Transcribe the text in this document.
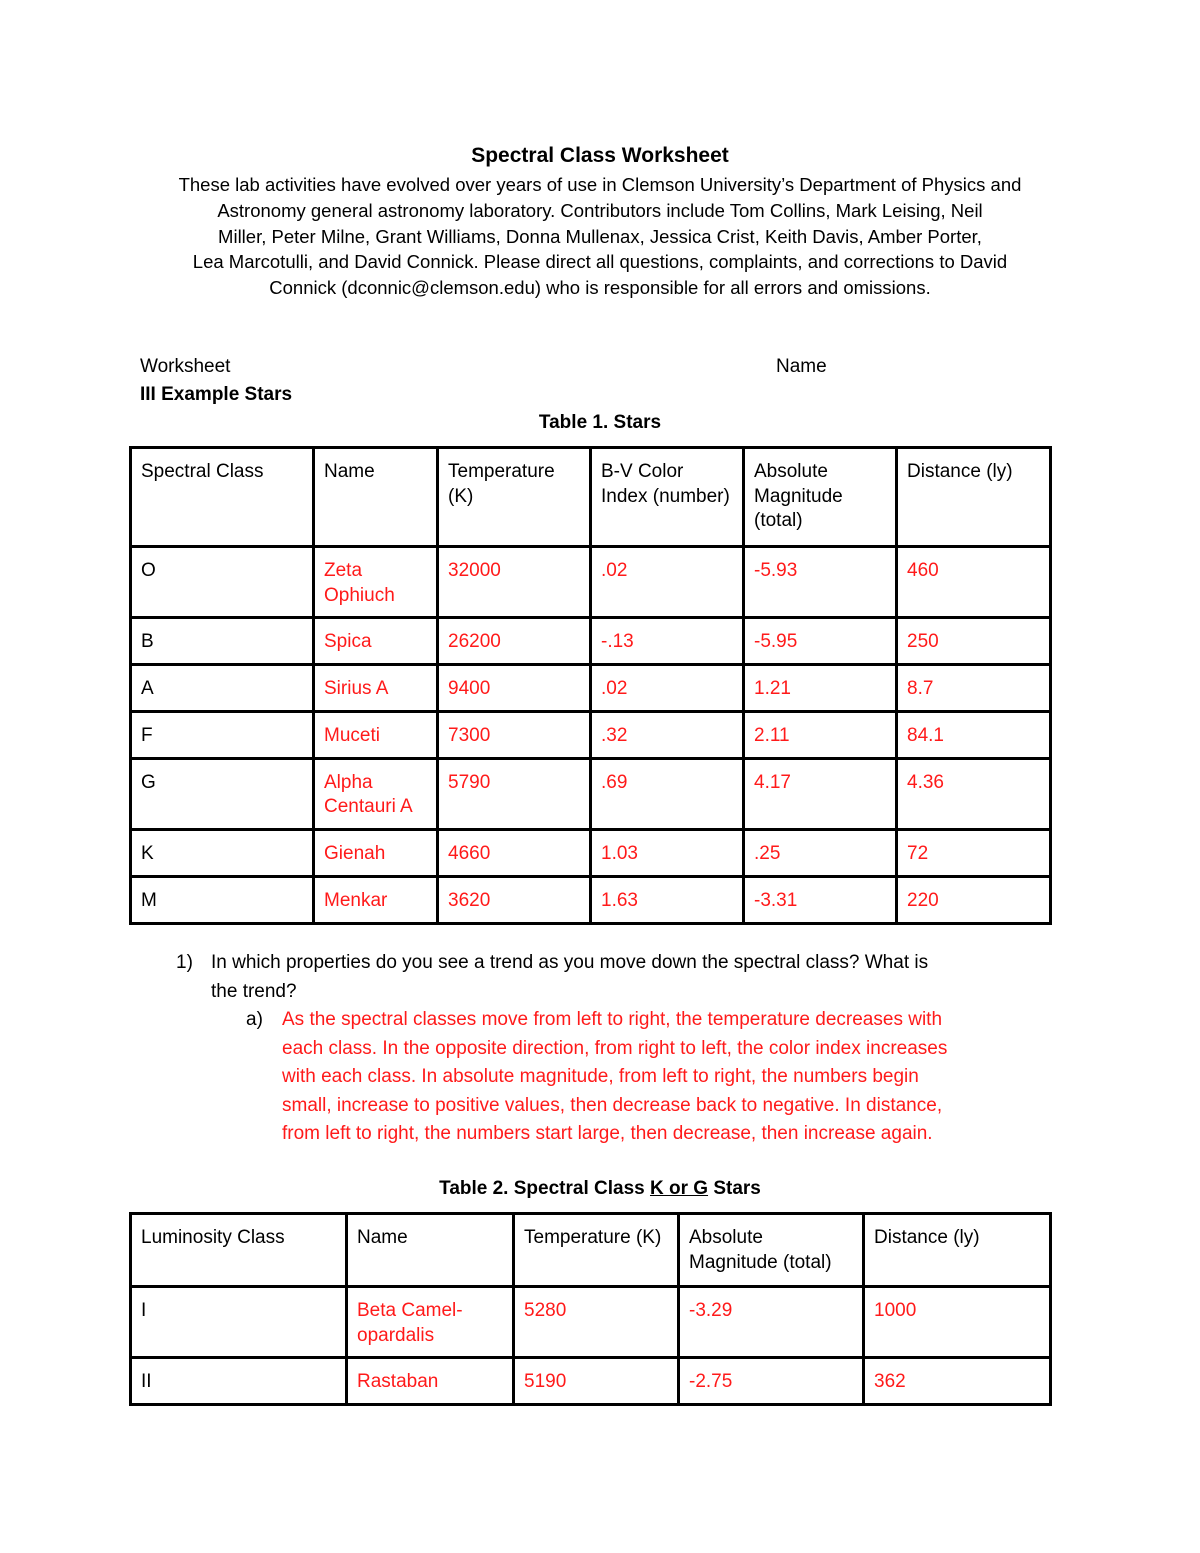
Spectral Class Worksheet
These lab activities have evolved over years of use in Clemson University’s Department of Physics and
Astronomy general astronomy laboratory. Contributors include Tom Collins, Mark Leising, Neil
Miller, Peter Milne, Grant Williams, Donna Mullenax, Jessica Crist, Keith Davis, Amber Porter,
Lea Marcotulli, and David Connick. Please direct all questions, complaints, and corrections to David
Connick (dconnic@clemson.edu) who is responsible for all errors and omissions.
Worksheet	Name
III Example Stars
Table 1. Stars
Spectral Class	Name	Temperature (K)	B-V Color Index (number)	Absolute Magnitude (total)	Distance (ly)
O	Zeta Ophiuch	32000	.02	-5.93	460
B	Spica	26200	-.13	-5.95	250
A	Sirius A	9400	.02	1.21	8.7
F	Muceti	7300	.32	2.11	84.1
G	Alpha Centauri A	5790	.69	4.17	4.36
K	Gienah	4660	1.03	.25	72
M	Menkar	3620	1.63	-3.31	220
1) In which properties do you see a trend as you move down the spectral class? What is
the trend?
a) As the spectral classes move from left to right, the temperature decreases with
each class. In the opposite direction, from right to left, the color index increases
with each class. In absolute magnitude, from left to right, the numbers begin
small, increase to positive values, then decrease back to negative. In distance,
from left to right, the numbers start large, then decrease, then increase again.
Table 2. Spectral Class K or G Stars
Luminosity Class	Name	Temperature (K)	Absolute Magnitude (total)	Distance (ly)
I	Beta Camel-opardalis	5280	-3.29	1000
II	Rastaban	5190	-2.75	362
